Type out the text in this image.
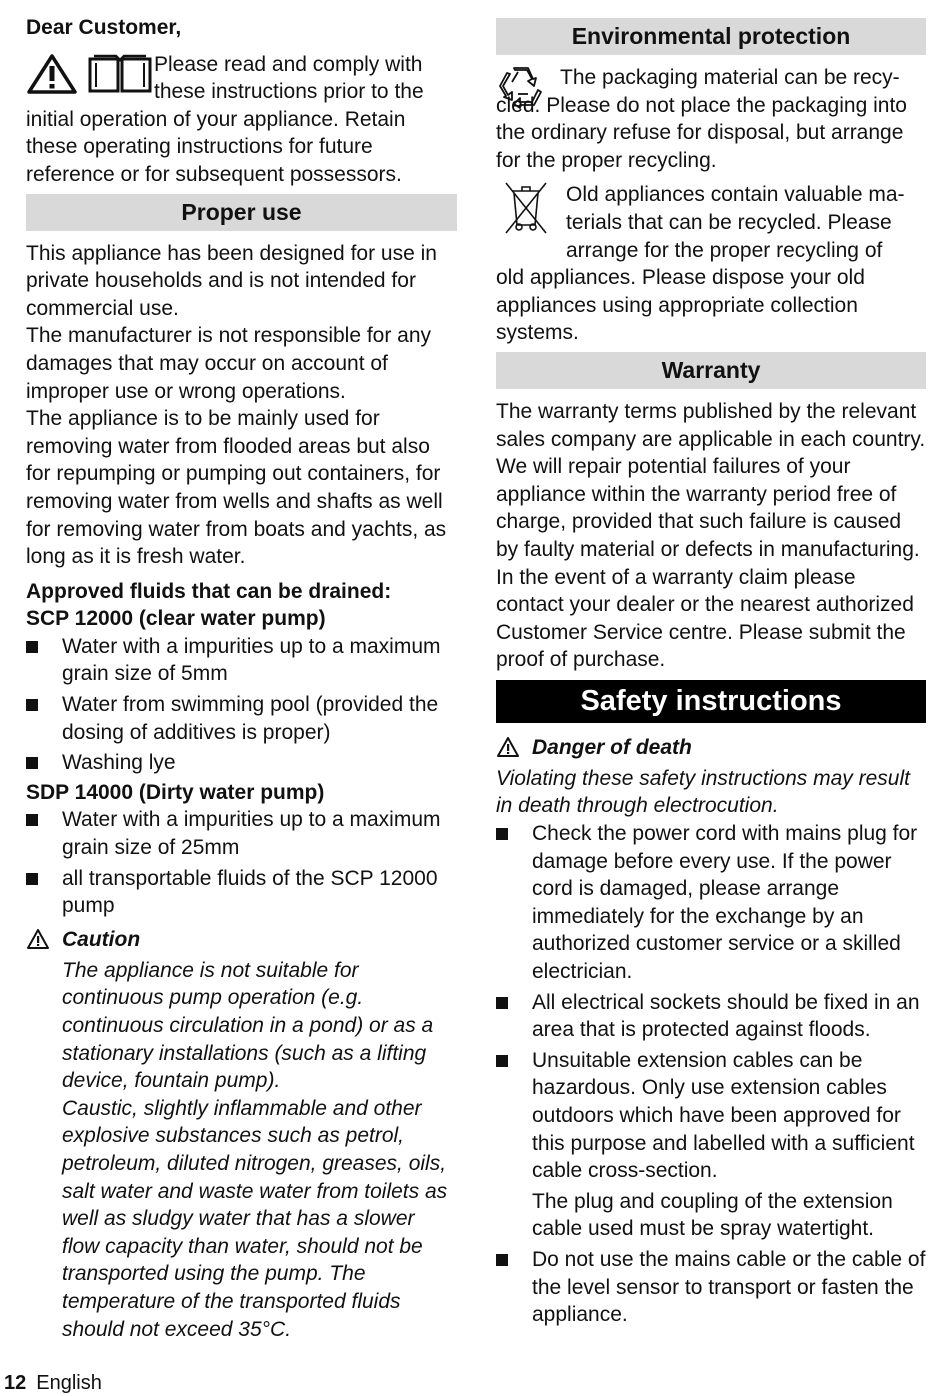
Dear Customer,

Please read and comply with

these instructions prior to the

initial operation of your appliance. Retain these operating instructions for future reference or for subsequent possessors.

Proper use

This appliance has been designed for use in private households and is not intended for commercial use.

The manufacturer is not responsible for any damages that may occur on account of improper use or wrong operations.

The appliance is to be mainly used for removing water from flooded areas but also for repumping or pumping out containers, for removing water from wells and shafts as well for removing water from boats and yachts, as long as it is fresh water.

Approved fluids that can be drained:

SCP 12000 (clear water pump)

Water with a impurities up to a maximum grain size of 5mm

Water from swimming pool (provided the dosing of additives is proper)

Washing lye

SDP 14000 (Dirty water pump)

Water with a impurities up to a maximum grain size of 25mm

all transportable fluids of the SCP 12000 pump

Caution

The appliance is not suitable for continuous pump operation (e.g. continuous circulation in a pond) or as a stationary installations (such as a lifting device, fountain pump).

Caustic, slightly inflammable and other explosive substances such as petrol, petroleum, diluted nitrogen, greases, oils, salt water and waste water from toilets as well as sludgy water that has a slower flow capacity than water, should not be transported using the pump. The temperature of the transported fluids should not exceed 35°C.

Environmental protection

The packaging material can be recy-

cled. Please do not place the packaging into the ordinary refuse for disposal, but arrange for the proper recycling.

Old appliances contain valuable ma-

terials that can be recycled. Please

arrange for the proper recycling of

old appliances. Please dispose your old appliances using appropriate collection systems.

Warranty

The warranty terms published by the relevant sales company are applicable in each country. We will repair potential failures of your appliance within the warranty period free of charge, provided that such failure is caused by faulty material or defects in manufacturing. In the event of a warranty claim please contact your dealer or the nearest authorized Customer Service centre. Please submit the proof of purchase.

Safety instructions
Danger of death

Violating these safety instructions may result in death through electrocution.

Check the power cord with mains plug for damage before every use. If the power cord is damaged, please arrange immediately for the exchange by an authorized customer service or a skilled electrician.

All electrical sockets should be fixed in an area that is protected against floods.

Unsuitable extension cables can be hazardous. Only use extension cables outdoors which have been approved for this purpose and labelled with a sufficient cable cross-section.

The plug and coupling of the extension cable used must be spray watertight.

Do not use the mains cable or the cable of the level sensor to transport or fasten the appliance.

12 English
